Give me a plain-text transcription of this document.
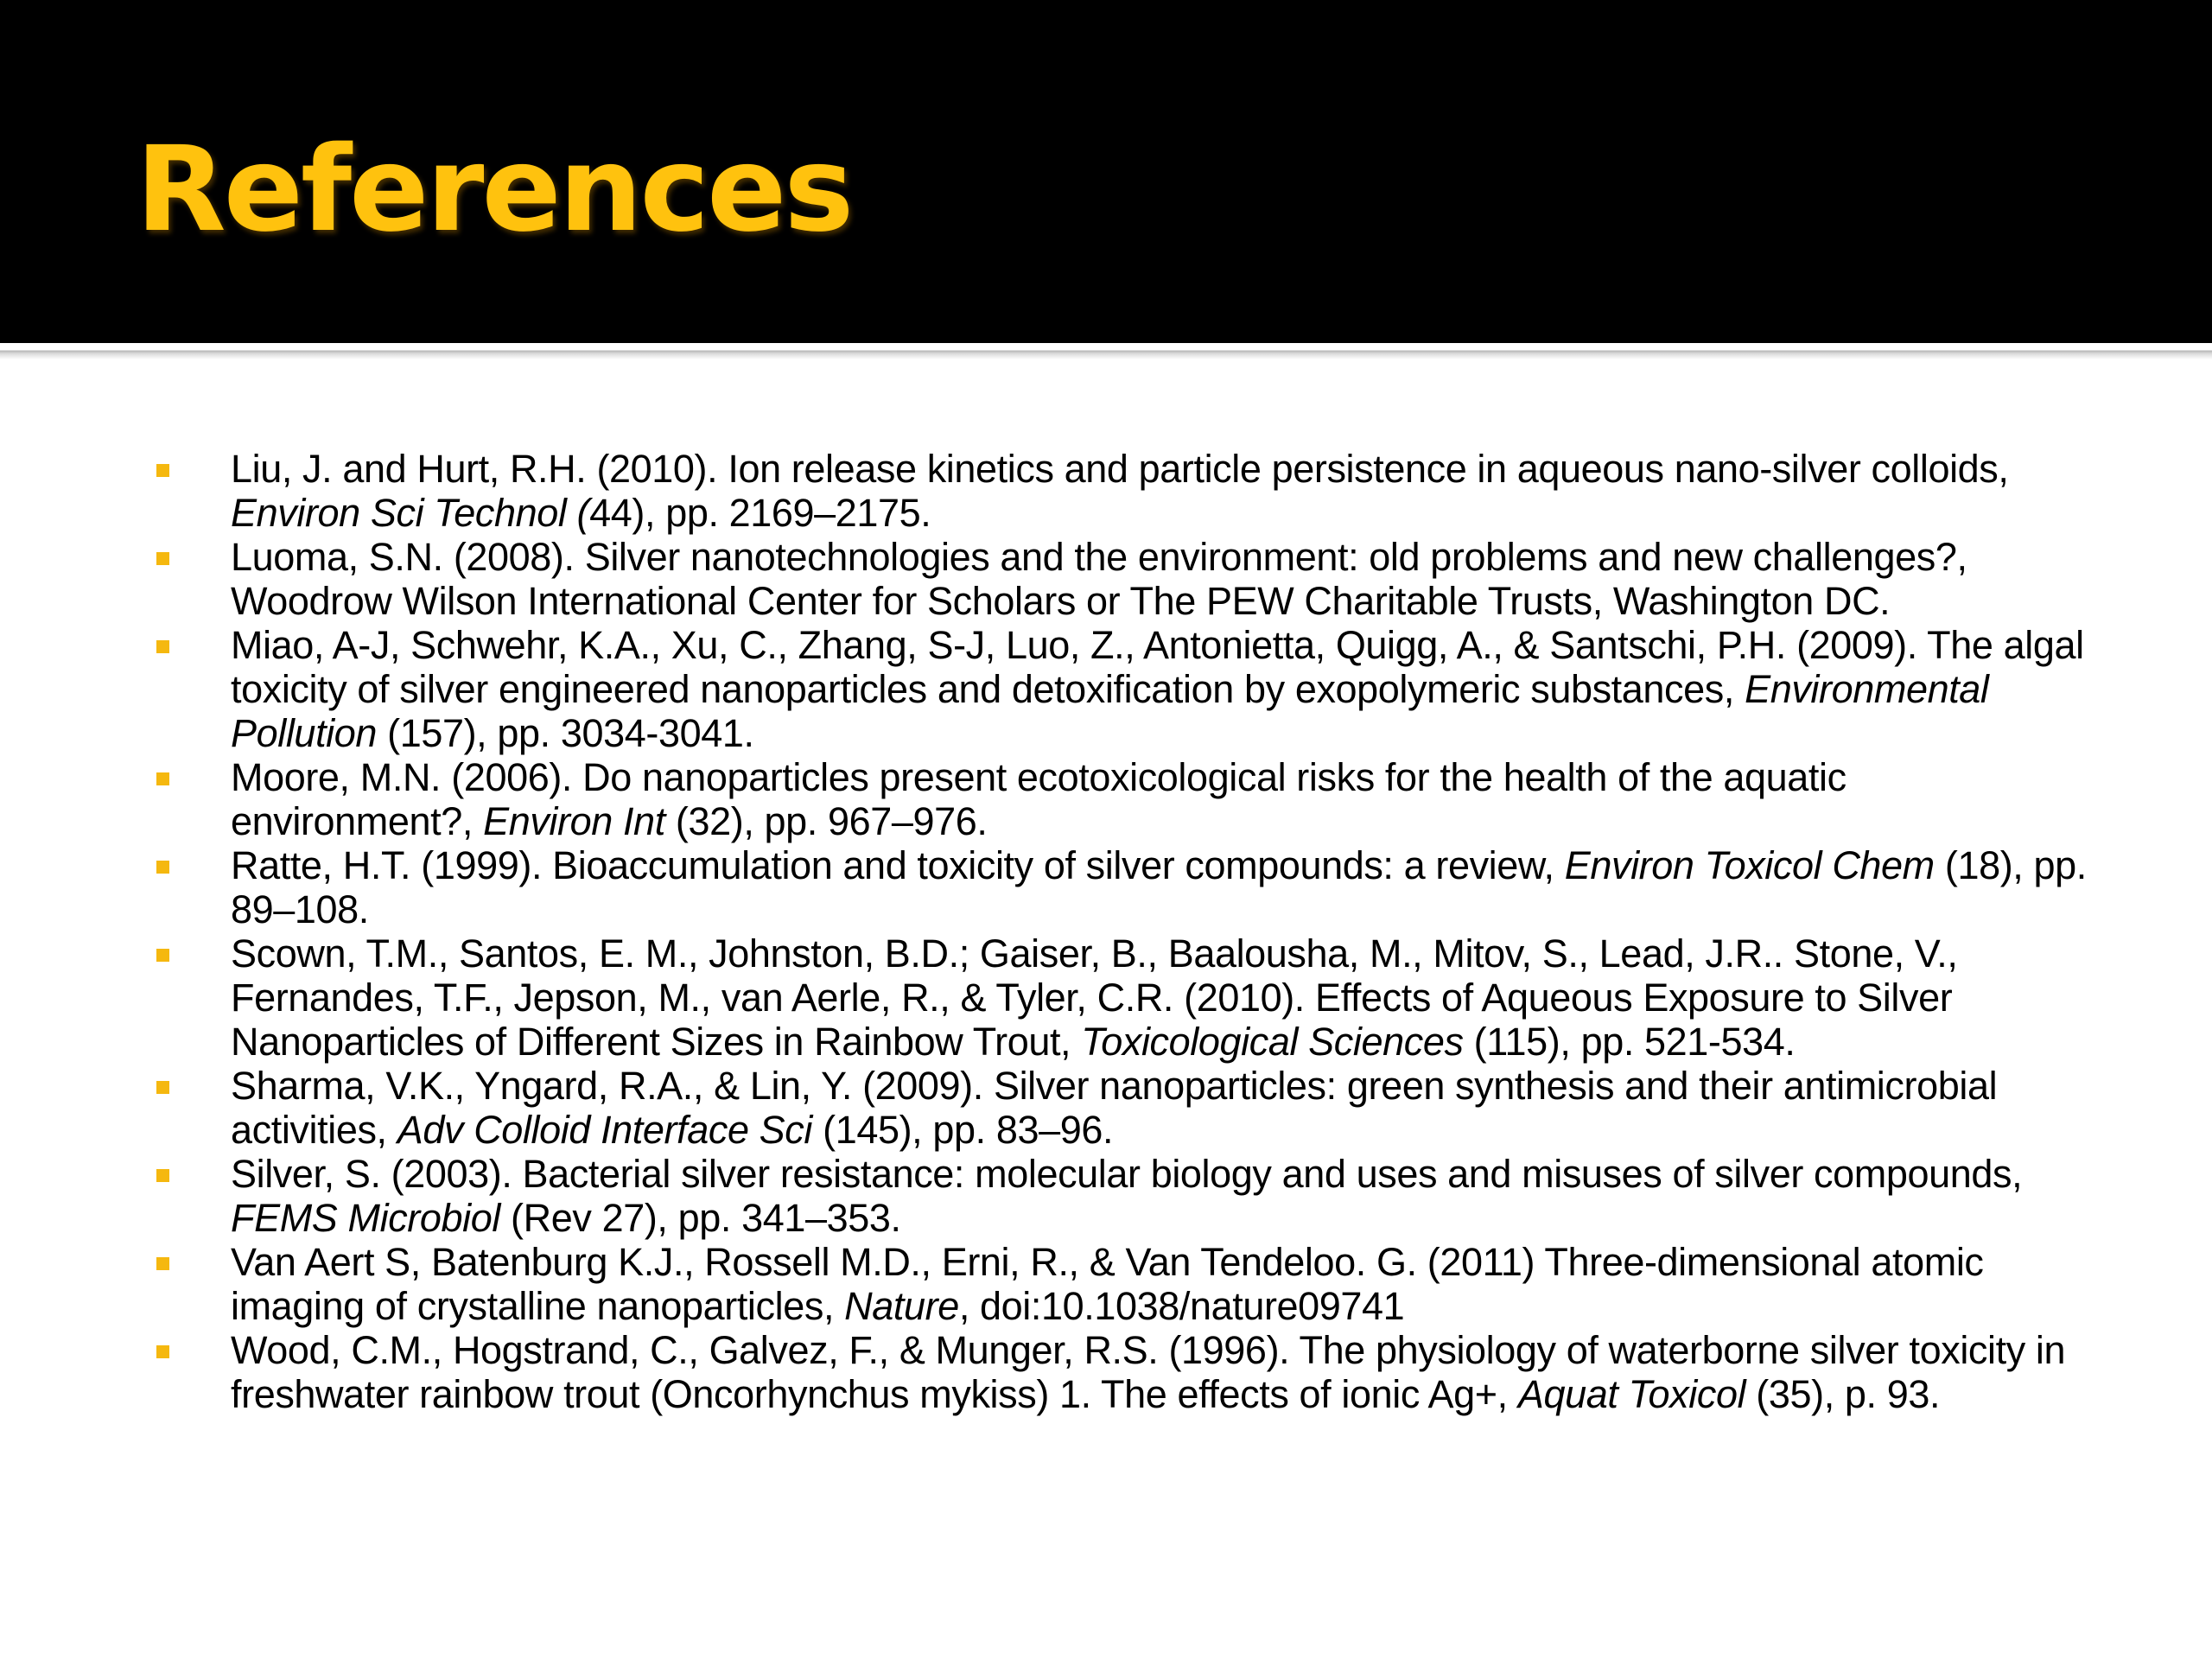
References
Liu, J. and Hurt, R.H. (2010). Ion release kinetics and particle persistence in aqueous nano-silver colloids, Environ Sci Technol (44), pp. 2169–2175.
Luoma, S.N. (2008). Silver nanotechnologies and the environment: old problems and new challenges?, Woodrow Wilson International Center for Scholars or The PEW Charitable Trusts, Washington DC.
Miao, A-J, Schwehr, K.A., Xu, C., Zhang, S-J, Luo, Z., Antonietta, Quigg, A., & Santschi, P.H. (2009). The algal toxicity of silver engineered nanoparticles and detoxification by exopolymeric substances, Environmental Pollution (157), pp. 3034-3041.
Moore, M.N. (2006). Do nanoparticles present ecotoxicological risks for the health of the aquatic environment?, Environ Int (32), pp. 967–976.
Ratte, H.T. (1999). Bioaccumulation and toxicity of silver compounds: a review, Environ Toxicol Chem (18), pp. 89–108.
Scown, T.M., Santos, E. M., Johnston, B.D.; Gaiser, B., Baalousha, M., Mitov, S., Lead, J.R.. Stone, V., Fernandes, T.F., Jepson, M., van Aerle, R., & Tyler, C.R. (2010). Effects of Aqueous Exposure to Silver Nanoparticles of Different Sizes in Rainbow Trout, Toxicological Sciences (115), pp. 521-534.
Sharma, V.K., Yngard, R.A., & Lin, Y. (2009). Silver nanoparticles: green synthesis and their antimicrobial activities, Adv Colloid Interface Sci (145), pp. 83–96.
Silver, S. (2003). Bacterial silver resistance: molecular biology and uses and misuses of silver compounds, FEMS Microbiol (Rev 27), pp. 341–353.
Van Aert S, Batenburg K.J., Rossell M.D., Erni, R., & Van Tendeloo. G. (2011) Three-dimensional atomic imaging of crystalline nanoparticles, Nature, doi:10.1038/nature09741
Wood, C.M., Hogstrand, C., Galvez, F., & Munger, R.S. (1996). The physiology of waterborne silver toxicity in freshwater rainbow trout (Oncorhynchus mykiss) 1. The effects of ionic Ag+, Aquat Toxicol (35), p. 93.
